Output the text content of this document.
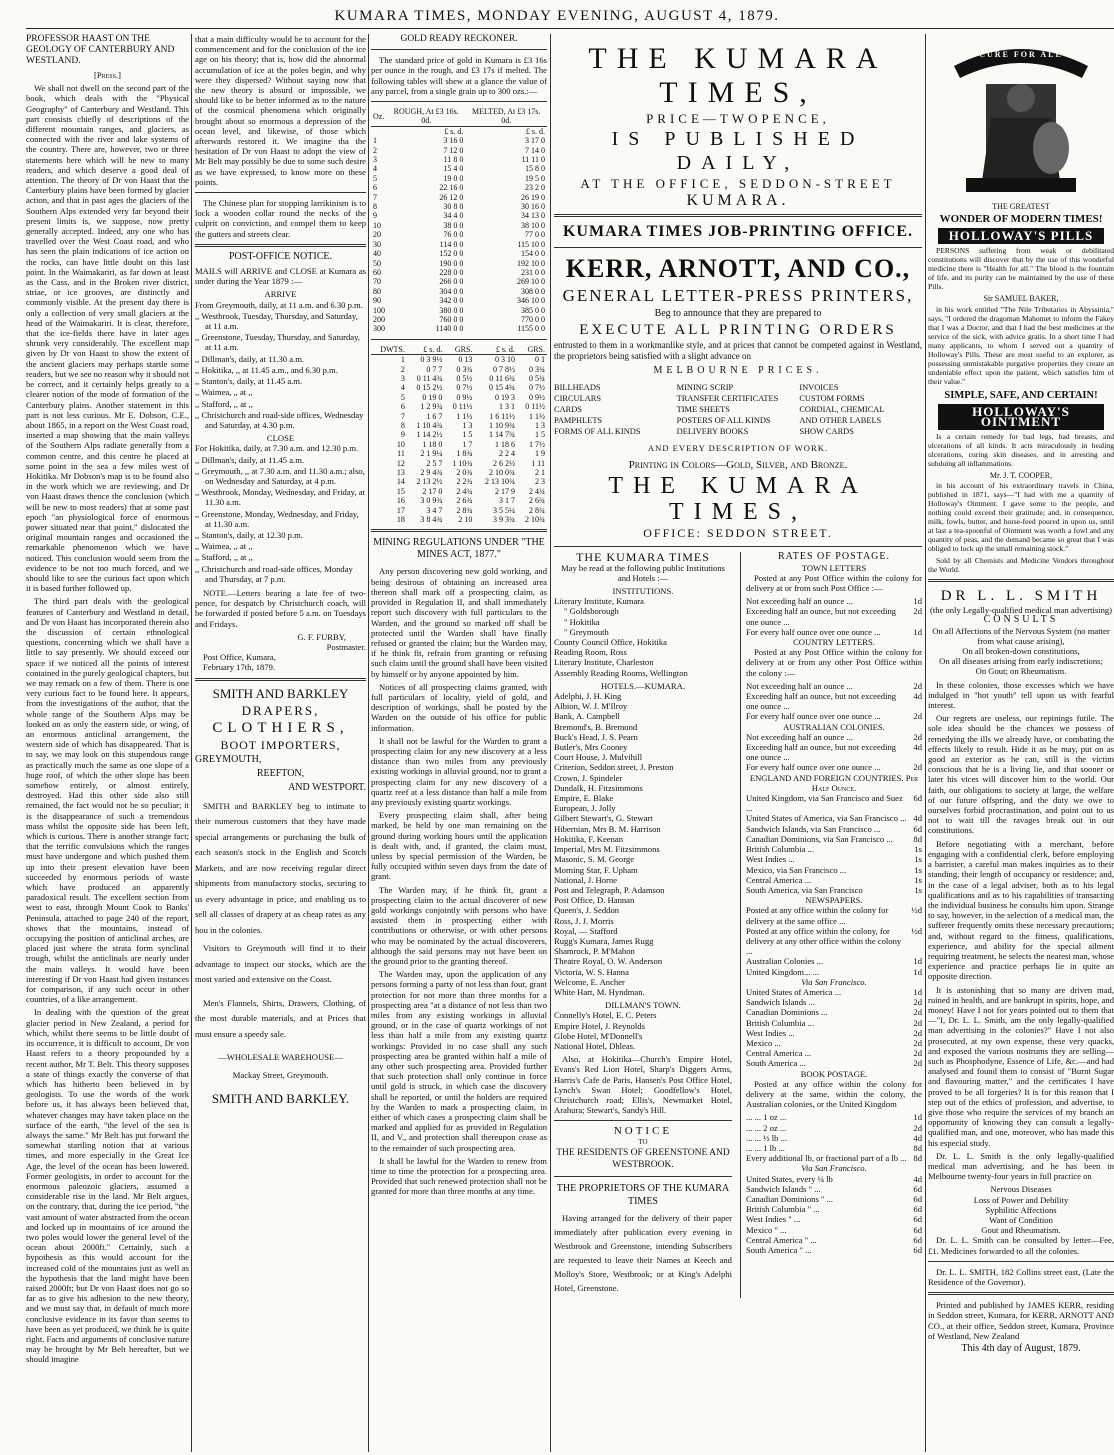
KUMARA TIMES, MONDAY EVENING, AUGUST 4, 1879.
PROFESSOR HAAST ON THE GEOLOGY OF CANTERBURY AND WESTLAND.
[Press.]

We shall not dwell on the second part of the book, which deals with the "Physical Geography" of Canterbury and Westland. This part consists chiefly of descriptions of the different mountain ranges, and glaciers, as connected with the river and lake systems of the country. There are, however, two or three statements here which will be new to many readers, and which deserve a good deal of attention. The theory of Dr von Haast that the Canterbury plains have been formed by glacier action, and that in past ages the glaciers of the Southern Alps extended very far beyond their present limits is, we suppose, now pretty generally accepted. Indeed, any one who has travelled over the West Coast road, and who has seen the plain indications of ice action on the rocks, can have little doubt on this last point. In the Waimakariri, as far down at least as the Cass, and in the Broken river district, striae, or ice grooves, are distinctly and commonly visible. At the present day there is only a collection of very small glaciers at the head of the Waimakariri. It is clear, therefore, that the ice-fields there have in later ages shrunk very considerably. The excellent map given by Dr von Haast to show the extent of the ancient glaciers may perhaps startle some readers, but we see no reason why it should not be correct, and it certainly helps greatly to a clearer notion of the mode of formation of the Canterbury plains. Another statement in this part is not less curious. Mr E. Dobson, C.E., about 1865, in a report on the West Coast road, inserted a map showing that the main valleys of the Southern Alps radiate generally from a common centre, and this centre he placed at some point in the sea a few miles west of Hokitika. Mr Dobson's map is to be found also in the work which we are reviewing, and Dr von Haast draws thence the conclusion (which will be new to most readers) that at some past epoch "an physiological force of enormous power situated near that point," dislocated the original mountain ranges and occasioned the remarkable phenomenon which we have noticed. This conclusion would seem from the evidence to be not too much forced, and we should like to see the curious fact upon which it is based further followed up.

The third part deals with the geological features of Canterbury and Westland in detail, and Dr von Haast has incorporated therein also the discussion of certain ethnological questions, concerning which we shall have a little to say presently. We should exceed our space if we noticed all the points of interest contained in the purely geological chapters, but we may remark on a few of them. There is one very curious fact to be found here. It appears, from the investigations of the author, that the whole range of the Southern Alps may be looked on as only the eastern side, or wing, of an enormous anticlinal arrangement, the western side of which has disappeared. That is to say, we may look on this stupendous range as practically much the same as one slope of a huge roof, of which the other slope has been somehow entirely, or almost entirely, destroyed. Had this other side also still remained, the fact would not be so peculiar; it is the disappearance of such a tremendous mass whilst the opposite side has been left, which is curious. There is another strange fact; that the terrific convulsions which the ranges must have undergone and which pushed them up into their present elevation have been succeeded by enormous periods of waste which have produced an apparently paradoxical result. The excellent section from west to east, through Mount Cook to Banks' Peninsula, attached to page 240 of the report, shows that the mountains, instead of occupying the position of anticlinal arches, are placed just where the strata form synclinal trough, whilst the anticlinals are nearly under the main valleys. It would have been interesting if Dr von Haast had given instances for comparison, if any such occur in other countries, of a like arrangement.

In dealing with the question of the great glacier period in New Zealand, a period for which, whilst there seems to be little doubt of its occurrence, it is difficult to account, Dr von Haast refers to a theory propounded by a recent author, Mr T. Belt. This theory supposes a state of things exactly the converse of that which has hitherto been believed in by geologists. To use the words of the work before us, it has always been believed that, whatever changes may have taken place on the surface of the earth, "the level of the sea is always the same." Mr Belt has put forward the somewhat startling notion that at various times, and more especially in the Great Ice Age, the level of the ocean has been lowered. Former geologists, in order to account for the enormous paleozoic glaciers, assumed a considerable rise in the land. Mr Belt argues, on the contrary, that, during the ice period, "the vast amount of water abstracted from the ocean and locked up in mountains of ice around the two poles would lower the general level of the ocean about 2000ft." Certainly, such a hypothesis as this would account for the increased cold of the mountains just as well as the hypothesis that the land might have been raised 2000ft; but Dr von Haast does not go so far as to give his adhesion to the new theory, and we must say that, in default of much more conclusive evidence in its favor than seems to have been as yet produced, we think he is quite right. Facts and arguments of conclusive nature may be brought by Mr Belt hereafter, but we should imagine

that a main difficulty would be to account for the commencement and for the conclusion of the ice age on his theory; that is, how did the abnormal accumulation of ice at the poles begin, and why were they dispersed? Without saying now that the new theory is absurd or impossible, we should like to be better informed as to the nature of the cosmical phenomena which originally brought about so enormous a depression of the ocean level, and likewise, of those which afterwards restored it. We imagine tha the hesitation of Dr von Haast to adopt the view of Mr Belt may possibly be due to some such desire as we have expressed, to know more on these points.

The Chinese plan for stopping larrikinism is to lock a wooden collar round the necks of the culprit on conviction, and compel them to keep the gutters and streets clear.

POST-OFFICE NOTICE.

MAILS will ARRIVE and CLOSE at Kumara as under during the Year 1879 :—

ARRIVE
From Greymouth, daily, at 11 a.m. and 6.30 p.m.
,, Westbrook, Tuesday, Thursday, and Saturday, at 11 a.m.
,, Greenstone, Tuesday, Thursday, and Saturday, at 11 a.m.
,, Dillman's, daily, at 11.30 a.m.
,, Hokitika, ,, at 11.45 a.m., and 6.30 p.m.
,, Stanton's, daily, at 11.45 a.m.
,, Waimea, ,, at ,,
,, Stafford, ,, at ,,
,, Christchurch and road-side offices, Wednesday and Saturday, at 4.30 p.m.
CLOSE
For Hokitika, daily, at 7.30 a.m. and 12.30 p.m.
,, Dillman's, daily, at 11.45 a.m.
,, Greymouth, ,, at 7.30 a.m. and 11.30 a.m.; also, on Wednesday and Saturday, at 4 p.m.
,, Westbrook, Monday, Wednesday, and Friday, at 11.30 a.m.
,, Greenstone, Monday, Wednesday, and Friday, at 11.30 a.m.
,, Stanton's, daily, at 12.30 p.m.
,, Waimea, ,, at ,,
,, Stafford, ,, at ,,
,, Christchurch and road-side offices, Monday and Thursday, at 7 p.m.

NOTE.—Letters bearing a late fee of two-pence, for despatch by Christchurch coach, will be forwarded if posted before 5 a.m. on Tuesdays and Fridays.

G. F. FURBY,
Postmaster.
Post Office, Kumara,
February 17th, 1879.
SMITH AND BARKLEY
DRAPERS,
CLOTHIERS,
BOOT IMPORTERS,
GREYMOUTH,
REEFTON,
AND WESTPORT.

SMITH and BARKLEY beg to intimate to their numerous customers that they have made special arrangements or purchasing the bulk of each season's stock in the English and Scotch Markets, and are now receiving regular direct shipments from manufactory stocks, securing to us every advantage in price, and enabling us to sell all classes of drapery at as cheap rates as any hou in the colonies.

Visitors to Greymouth will find it to their advantage to inspect our stocks, which are the most varied and extensive on the Coast.

Men's Flannels, Shirts, Drawers, Clothing, of the most durable materials, and at Prices that must ensure a speedy sale.

—WHOLESALE WAREHOUSE—
Mackay Street, Greymouth.
SMITH AND BARKLEY.
GOLD READY RECKONER.

The standard price of gold in Kumara is £3 16s per ounce in the rough, and £3 17s if melted. The following tables will shew at a glance the value of any parcel, from a single grain up to 300 ozs.:—

Oz.	ROUGH, At £3 16s. 0d.	MELTED, At £3 17s. 0d.
	£ s. d.	£ s. d.
1	3 16 0	3 17 0
2	7 12 0	7 14 0
3	11 8 0	11 11 0
4	15 4 0	15 8 0
5	19 0 0	19 5 0
6	22 16 0	23 2 0
7	26 12 0	26 19 0
8	30 8 0	30 16 0
9	34 4 0	34 13 0
10	38 0 0	38 10 0
20	76 0 0	77 0 0
30	114 0 0	115 10 0
40	152 0 0	154 0 0
50	190 0 0	192 10 0
60	228 0 0	231 0 0
70	266 0 0	269 10 0
80	304 0 0	308 0 0
90	342 0 0	346 10 0
100	380 0 0	385 0 0
200	760 0 0	770 0 0
300	1140 0 0	1155 0 0
DWTS.	£ s. d.	GRS.	£ s. d.	GRS.
1	0 3 9½	0 13	0 3 10	0 1
2	0 7 7	0 3¾	0 7 8½	0 3¾
3	0 11 4¾	0 5½	0 11 6¾	0 5¾
4	0 15 2½	0 7½	0 15 4¾	0 7½
5	0 19 0	0 9½	0 19 3	0 9½
6	1 2 9¾	0 11½	1 3 1	0 11½
7	1 6 7	1 1½	1 6 11½	1 1½
8	1 10 4¾	1 3	1 10 9¾	1 3
9	1 14 2½	1 5	1 14 7¾	1 5
10	1 18 0	1 7	1 18 6	1 7½
11	2 1 9¼	1 8¾	2 2 4	1 9
12	2 5 7	1 10¾	2 6 2½	1 11
13	2 9 4¾	2 0¾	2 10 0¾	2 1
14	2 13 2½	2 2¾	2 13 10¾	2 3
15	2 17 0	2 4¾	2 17 9	2 4¾
16	3 0 9¾	2 6¾	3 1 7	2 6¾
17	3 4 7	2 8¾	3 5 5¼	2 8¾
18	3 8 4¾	2 10	3 9 3¾	2 10¾
MINING REGULATIONS UNDER "THE MINES ACT, 1877."

Any person discovering new gold working, and being desirous of obtaining an increased area thereon shall mark off a prospecting claim, as provided in Regulation II, and shall immediately report such discovery with full particulars to the Warden, and the ground so marked off shall be protected until the Warden shall have finally refused or granted the claim; but the Warden may, if he think fit, refrain from granting or refusing such claim until the ground shall have been visited by himself or by anyone appointed by him.

Notices of all prospecting claims granted, with full particulars of locality, yield of gold, and description of workings, shall be posted by the Warden on the outside of his office for public information.

It shall not be lawful for the Warden to grant a prospecting claim for any new discovery at a less distance than two miles from any previously existing workings in alluvial ground, nor to grant a prospecting claim for any new discovery of a quartz reef at a less distance than half a mile from any previously existing quartz workings.

Every prospecting claim shall, after being marked, be held by one man remaining on the ground during working hours until the application is dealt with, and, if granted, the claim must, unless by special permission of the Warden, be fully occupied within seven days from the date of grant.

The Warden may, if he think fit, grant a prospecting claim to the actual discoverer of new gold workings conjointly with persons who have assisted them in prospecting either with contributions or otherwise, or with other persons who may be nominated by the actual discoverers, although the said persons may not have been on the ground prior to the granting thereof.

The Warden may, upon the application of any persons forming a party of not less than four, grant protection for not more than three months for a prospecting area "at a distance of not less than two miles from any existing workings in alluvial ground, or in the case of quartz workings of not less than half a mile from any existing quartz workings: Provided in no case shall any such prospecting area be granted within half a mile of any other such prospecting area. Provided further that such protection shall only continue in force until gold is struck, in which case the discovery shall be reported, or until the holders are required by the Warden to mark a prospecting claim, in either of which cases a prospecting claim shall be marked and applied for as provided in Regulation II, and V., and protection shall thereupon cease as to the remainder of such prospecting area.

It shall be lawful for the Warden to renew from time to time the protection for a prospecting area. Provided that such renewed protection shall not be granted for more than three months at any time.

THE KUMARA TIMES,
PRICE—TWOPENCE,
IS PUBLISHED DAILY,
AT THE OFFICE, SEDDON-STREET
KUMARA.
KUMARA TIMES JOB-PRINTING OFFICE.
KERR, ARNOTT, AND CO.,
GENERAL LETTER-PRESS PRINTERS,
Beg to announce that they are prepared to
EXECUTE ALL PRINTING ORDERS

entrusted to them in a workmanlike style, and at prices that cannot be competed against in Westland, the proprietors being satisfied with a slight advance on

MELBOURNE PRICES.
BILLHEADS	MINING SCRIP	INVOICES
CIRCULARS	TRANSFER CERTIFICATES	CUSTOM FORMS
CARDS	TIME SHEETS	CORDIAL, CHEMICAL
PAMPHLETS	POSTERS OF ALL KINDS	AND OTHER LABELS
FORMS OF ALL KINDS	DELIVERY BOOKS	SHOW CARDS
AND EVERY DESCRIPTION OF WORK.
Printing in Colors—Gold, Silver, and Bronze.
THE KUMARA TIMES,
OFFICE: SEDDON STREET.
THE KUMARA TIMES
May be read at the following public Institutions and Hotels :—
INSTITUTIONS.
Literary Institute, Kumara
" Goldsborough
" Hokitika
" Greymouth
County Council Office, Hokitika
Reading Room, Ross
Literary Institute, Charleston
Assembly Reading Rooms, Wellington
HOTELS.—KUMARA.
Adelphi, J. H. King
Albion, W. J. M'Ilroy
Bank, A. Campbell
Bremond's, B. Bremond
Buck's Head, J. S. Pearn
Butler's, Mrs Cooney
Court House, J. Mulvihill
Criterion, Seddon street, J. Preston
Crown, J. Spindeler
Dundalk, H. Fitzsimmons
Empire, E. Blake
European, J. Jolly
Gilbert Stewart's, G. Stewart
Hibernian, Mrs B. M. Harrison
Hokitika, F. Keenan
Imperial, Mrs M. Fitzsimmons
Masonic, S. M. George
Morning Star, F. Upham
National, J. Horne
Post and Telegraph, P. Adamson
Post Office, D. Hannan
Queen's, J. Seddon
Ross, J. J. Morris
Royal, — Stafford
Rugg's Kumara, James Rugg
Shamrock, P. M'Mahon
Theatre Royal, O. W. Anderson
Victoria, W. S. Hanna
Welcome, E. Ancher
White Hart, M. Hyndman.
DILLMAN'S TOWN.
Connelly's Hotel, E. C. Peters
Empire Hotel, J. Reynolds
Globe Hotel, M'Donnell's
National Hotel, Dhleas.

Also, at Hokitika—Church's Empire Hotel, Evans's Red Lion Hotel, Sharp's Diggers Arms, Harris's Cafe de Paris, Hansen's Post Office Hotel, Lynch's Swan Hotel; Goodfellow's Hotel, Christchurch road; Ellis's, Newmarket Hotel, Arahura; Stewart's, Sandy's Hill.

NOTICE
TO
THE RESIDENTS OF GREENSTONE AND WESTBROOK.
THE PROPRIETORS OF THE KUMARA TIMES

Having arranged for the delivery of their paper immediately after publication every evening in Westbrook and Greenstone, intending Subscribers are requested to leave their Names at Keech and Molloy's Store, Westbrook; or at King's Adelphi Hotel, Greenstone.

RATES OF POSTAGE.
TOWN LETTERS

Posted at any Post Office within the colony for delivery at or from such Post Office :—

Not exceeding half an ounce ...	1d
Exceeding half an ounce, but not exceeding one ounce ...
2d
For every half ounce over one ounce ...	1d
COUNTRY LETTERS.

Posted at any Post Office within the colony for delivery at or from any other Post Office within the colony :—

Not exceeding half an ounce ...	2d
Exceeding half an ounce, but not exceeding one ounce ...
4d
For every half ounce over one ounce ...	2d
AUSTRALIAN COLONIES.
Not exceeding half an ounce ...	2d
Exceeding half an ounce, but not exceeding one ounce ...
4d
For every half ounce over one ounce ...	2d
ENGLAND AND FOREIGN COUNTRIES. Per Half Ounce.
United Kingdom, via San Francisco and Suez ...
6d
United States of America, via San Francisco ... 4d
Sandwich Islands, via San Francisco ...	6d
Canadian Dominions, via San Francisco ...	8d
British Columbia ...	1s
West Indies ...	1s
Mexico, via San Francisco ...	1s
Central America ...	1s
South America, via San Francisco	1s
NEWSPAPERS.
Posted at any office within the colony for delivery at the same office ...
½d
Posted at any office within the colony, for delivery at any other office within the colony ...
½d
Australian Colonies ...	1d
United Kingdom... ...	1d
Via San Francisco.
United States of America ...	1d
Sandwich Islands ...	2d
Canadian Dominions ...	2d
British Columbia ...	2d
West Indies ...	2d
Mexico ...	2d
Central America ...	2d
South America ...	2d
BOOK POSTAGE.

Posted at any office within the colony for delivery at the same, within the colony, the Australian colonies, or the United Kingdom

... ... 1 oz ...	1d
... ... 2 oz ...	2d
... ... ½ lb ...	4d
... ... 1 lb ...	8d
Every additional lb, or fractional part of a lb ... 8d
Via San Francisco.
United States, every ¼ lb	4d
Sandwich Islands " ...	6d
Canadian Dominions " ...	6d
British Columbia " ...	6d
West Indies " ...	6d
Mexico " ...	6d
Central America " ...	6d
South America " ...	6d
CURE FOR ALL
THE GREATEST
WONDER OF MODERN TIMES!
HOLLOWAY'S PILLS

PERSONS suffering from weak or debilitated constitutions will discover that by the use of this wonderful medicine there is "Health for all." The blood is the fountain of life, and its purity can be maintained by the use of these Pills.

Sir SAMUEL BAKER,

in his work entitled "The Nile Tributaries in Abyssinia," says, "I ordered the dragoman Mahomet to inform the Fakey that I was a Doctor, and that I had the best medicines at the service of the sick, with advice gratis. In a short time I had many applicants, to whom I served out a quantity of Holloway's Pills. These are most useful to an explorer, as possessing unmistakable purgative properties they create an undeniable effect upon the patient, which satisfies him of their value."

SIMPLE, SAFE, AND CERTAIN!
HOLLOWAY'S OINTMENT

Is a certain remedy for bad legs, bad breasts, and ulcerations of all kinds. It acts miraculously in healing ulcerations, curing skin diseases, and in arresting and subduing all inflammations.

Mr. J. T. COOPER,

in his account of his extraordinary travels in China, published in 1871, says—"I had with me a quantity of Holloway's Ointment. I gave some to the people, and nothing could exceed their gratitude; and, in consequence, milk, fowls, butter, and horse-feed poured in upon us, until at last a tea-spoonful of Ointment was worth a fowl and any quantity of peas, and the demand became so great that I was obliged to lock up the small remaining stock."

Sold by all Chemists and Medicine Vendors throughout the World.

DR L. L. SMITH
(the only Legally-qualified medical man advertising)
CONSULTS
On all Affections of the Nervous System (no matter from what cause arising),
On all broken-down constitutions,
On all diseases arising from early indiscretions;
On Gout; on Rheumatism.

In these colonies, those excesses which we have indulged in "hot youth" tell upon us with fearful interest.

Our regrets are useless, our repinings futile. The sole idea should be the chances we possess of remedying the ills we already have, or combating the effects likely to result. Hide it as he may, put on as good an exterior as he can, still is the victim conscious that he is a living lie, and that sooner or later his vices will discover him to the world. Our faith, our obligations to society at large, the welfare of our future offspring, and the duty we owe to ourselves forbid procrastination, and point out to us not to wait till the ravages break out in our constitutions.

Before negotiating with a merchant, before engaging with a confidential clerk, before employing a barrister, a careful man makes inquiries as to their standing, their length of occupancy or residence; and, in the case of a legal adviser, both as to his legal qualifications and as to his capabilities of transacting the individual business he consults him upon. Strange to say, however, in the selection of a medical man, the sufferer frequently omits these necessary precautions; and, without regard to the fitness, qualifications, experience, and ability for the special ailment requiring treatment, he selects the nearest man, whose experience and practice perhaps lie in quite an opposite direction.

It is astonishing that so many are driven mad, ruined in health, and are bankrupt in spirits, hope, and money! Have I not for years pointed out to them that—"I, Dr. L. L. Smith, am the only legally-qualified man advertising in the colonies?" Have I not also prosecuted, at my own expense, these very quacks, and exposed the various nostrums they are selling—such as Phosphodyne, Essence of Life, &c.—and had analysed and found them to consist of "Burnt Sugar and flavouring matter," and the certificates I have proved to be all forgeries? It is for this reason that I step out of the ethics of profession, and advertise, to give those who require the services of my branch an opportunity of knowing they can consult a legally-qualified man, and one, moreover, who has made this his especial study.

Dr. L. L. Smith is the only legally-qualified medical man advertising, and he has been in Melbourne twenty-four years in full practice on

Nervous Diseases
Loss of Power and Debility
Syphilitic Affections
Want of Condition
Gout and Rheumatism.

Dr. L. L. Smith can be consulted by letter—Fee, £1. Medicines forwarded to all the colonies.

Dr. L. L. SMITH, 182 Collins street east, (Late the Residence of the Governor).

Printed and published by JAMES KERR, residing in Seddon street, Kumara, for KERR, ARNOTT AND CO., at their office, Seddon street, Kumara, Province of Westland, New Zealand

This 4th day of August, 1879.
